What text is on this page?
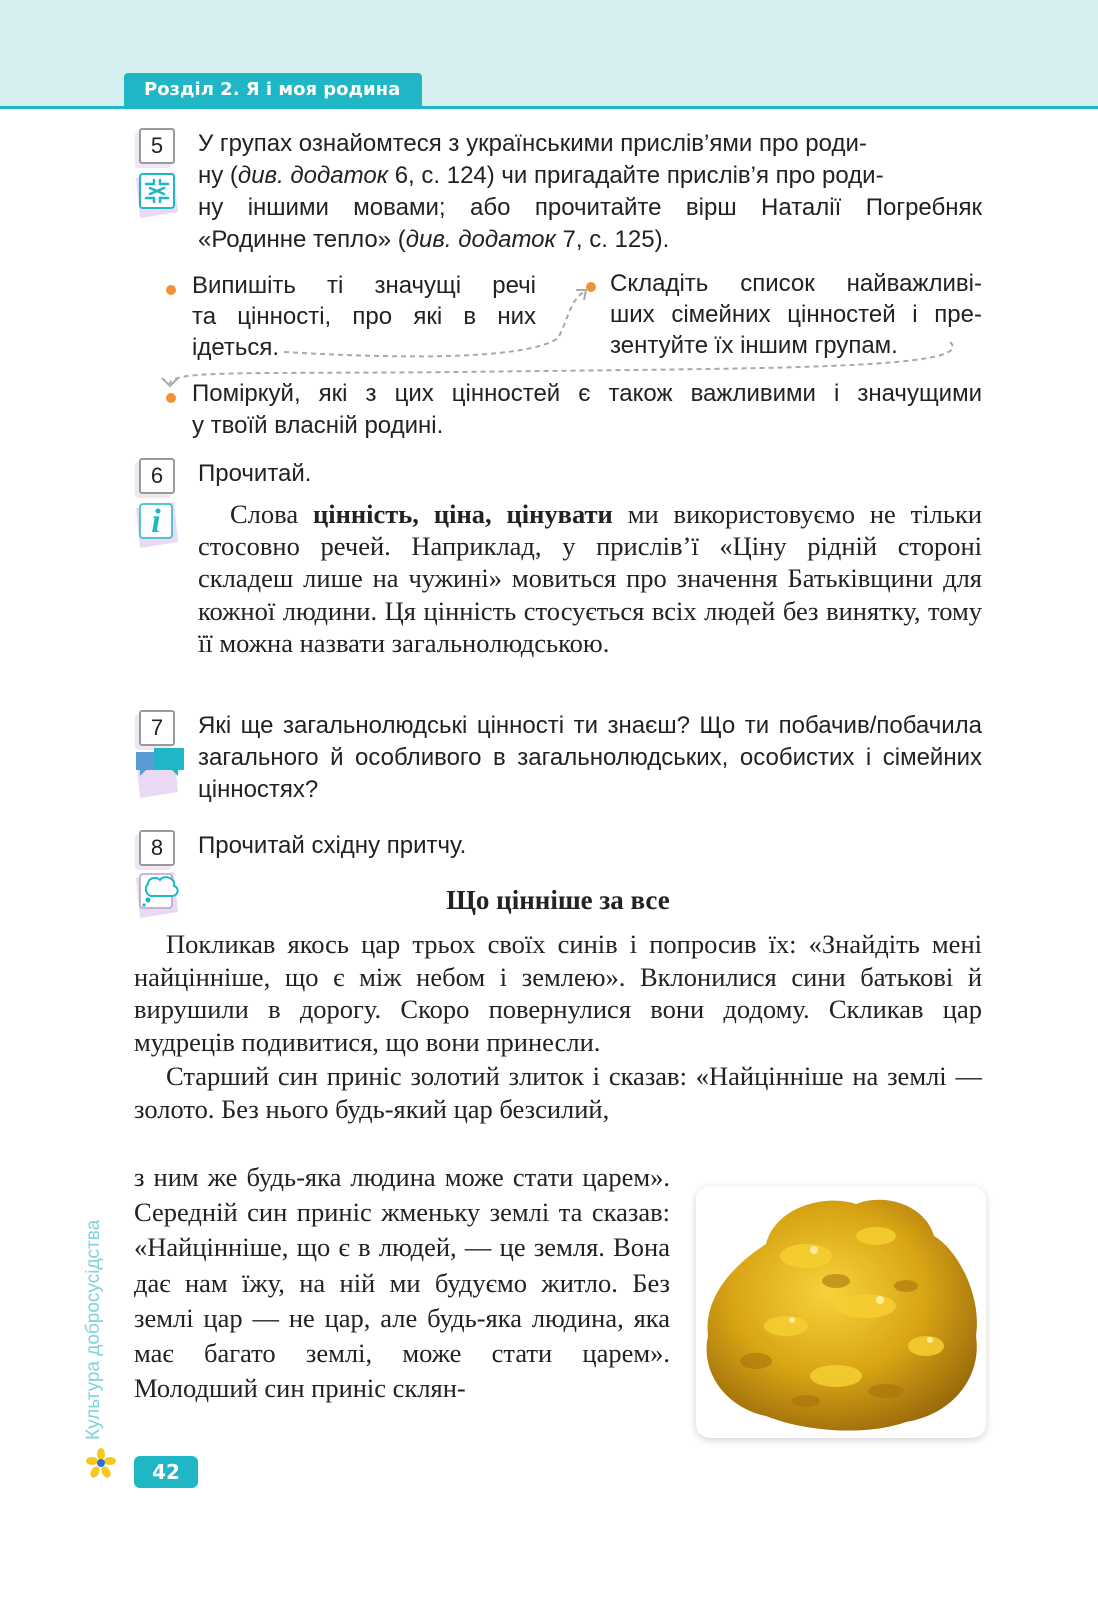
Розділ 2. Я і моя родина
5	У групах ознайомтеся з українськими прислів’ями про роди-
ну (див. додаток 6, с. 124) чи пригадайте прислів’я про роди-
ну іншими мовами; або прочитайте вірш Наталії Погребняк
«Родинне тепло» (див. додаток 7, с. 125).
Випишіть ті значущі речі
та цінності, про які в них
ідеться.
Складіть список найважливі-
ших сімейних цінностей і пре-
зентуйте їх іншим групам.
Поміркуй, які з цих цінностей є також важливими і значущими
у твоїй власній родині.
6
i
Прочитай.

Слова цінність, ціна, цінувати ми використовуємо не тільки стосовно речей. Наприклад, у прислів’ї «Ціну рідній стороні складеш лише на чужині» мовиться про значення Батьківщини для кожної людини. Ця цінність стосується всіх людей без винятку, тому її можна назвати загальнолюдською.

7	Які ще загальнолюдські цінності ти знаєш? Що ти побачив/побачила загального й особливого в загальнолюдських, особистих і сімейних цінностях?
8	Прочитай східну притчу.
Що цінніше за все

Покликав якось цар трьох своїх синів і попросив їх: «Знайдіть мені найцінніше, що є між небом і землею». Вклонилися сини батькові й вирушили в дорогу. Скоро повернулися вони додому. Скликав цар мудреців подивитися, що вони принесли.

Старший син приніс золотий злиток і сказав: «Найцінніше на землі — золото. Без нього будь-який цар безсилий,

з ним же будь-яка людина може стати царем». Середній син приніс жменьку землі та сказав: «Найцінніше, що є в людей, — це земля. Вона дає нам їжу, на ній ми будуємо житло. Без землі цар — не цар, але будь-яка людина, яка має багато землі, може стати царем». Молодший син приніс склян-
Культура добросусідства
42
